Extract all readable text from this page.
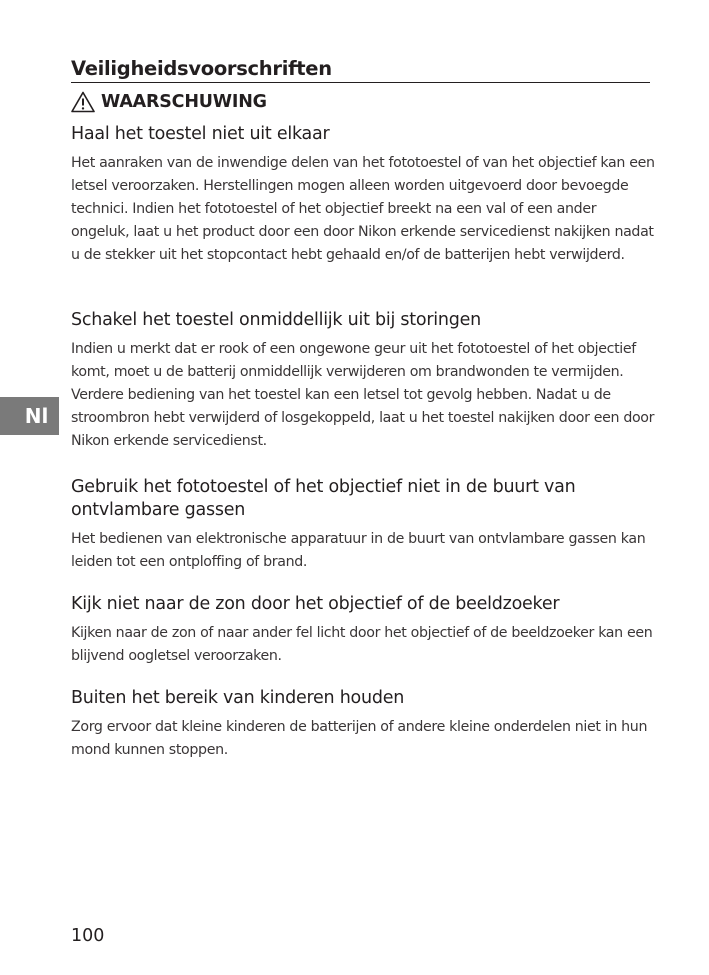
Veiligheidsvoorschriften
WAARSCHUWING
Haal het toestel niet uit elkaar

Het aanraken van de inwendige delen van het fototoestel of van het objectief kan een letsel veroorzaken. Herstellingen mogen alleen worden uitgevoerd door bevoegde technici. Indien het fototoestel of het objectief breekt na een val of een ander ongeluk, laat u het product door een door Nikon erkende servicedienst nakijken nadat u de stekker uit het stopcontact hebt gehaald en/of de batterijen hebt verwijderd.

Schakel het toestel onmiddellijk uit bij storingen

Indien u merkt dat er rook of een ongewone geur uit het fototoestel of het objectief komt, moet u de batterij onmiddellijk verwijderen om brandwonden te vermijden. Verdere bediening van het toestel kan een letsel tot gevolg hebben. Nadat u de stroombron hebt verwijderd of losgekoppeld, laat u het toestel nakijken door een door Nikon erkende servicedienst.

Gebruik het fototoestel of het objectief niet in de buurt van ontvlambare gassen

Het bedienen van elektronische apparatuur in de buurt van ontvlambare gassen kan leiden tot een ontploffing of brand.

Kijk niet naar de zon door het objectief of de beeldzoeker

Kijken naar de zon of naar ander fel licht door het objectief of de beeldzoeker kan een blijvend oogletsel veroorzaken.

Buiten het bereik van kinderen houden

Zorg ervoor dat kleine kinderen de batterijen of andere kleine onderdelen niet in hun mond kunnen stoppen.

Nl
100
